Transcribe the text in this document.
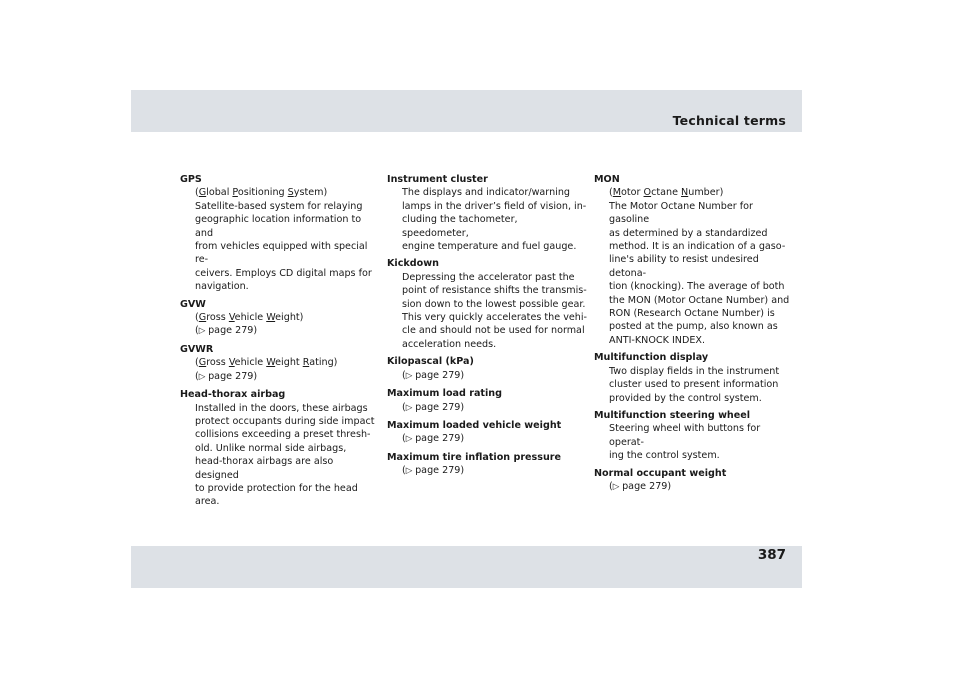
Technical terms
GPS
(Global Positioning System)
Satellite-based system for relaying
geographic location information to and
from vehicles equipped with special re-
ceivers. Employs CD digital maps for
navigation.
GVW
(Gross Vehicle Weight)
(▷ page 279)
GVWR
(Gross Vehicle Weight Rating)
(▷ page 279)
Head-thorax airbag
Installed in the doors, these airbags
protect occupants during side impact
collisions exceeding a preset thresh-
old. Unlike normal side airbags,
head-thorax airbags are also designed
to provide protection for the head area.
Instrument cluster
The displays and indicator/warning
lamps in the driver’s field of vision, in-
cluding the tachometer, speedometer,
engine temperature and fuel gauge.
Kickdown
Depressing the accelerator past the
point of resistance shifts the transmis-
sion down to the lowest possible gear.
This very quickly accelerates the vehi-
cle and should not be used for normal
acceleration needs.
Kilopascal (kPa)
(▷ page 279)
Maximum load rating
(▷ page 279)
Maximum loaded vehicle weight
(▷ page 279)
Maximum tire inflation pressure
(▷ page 279)
MON
(Motor Octane Number)
The Motor Octane Number for gasoline
as determined by a standardized
method. It is an indication of a gaso-
line's ability to resist undesired detona-
tion (knocking). The average of both
the MON (Motor Octane Number) and
RON (Research Octane Number) is
posted at the pump, also known as
ANTI-KNOCK INDEX.
Multifunction display
Two display fields in the instrument
cluster used to present information
provided by the control system.
Multifunction steering wheel
Steering wheel with buttons for operat-
ing the control system.
Normal occupant weight
(▷ page 279)
387
